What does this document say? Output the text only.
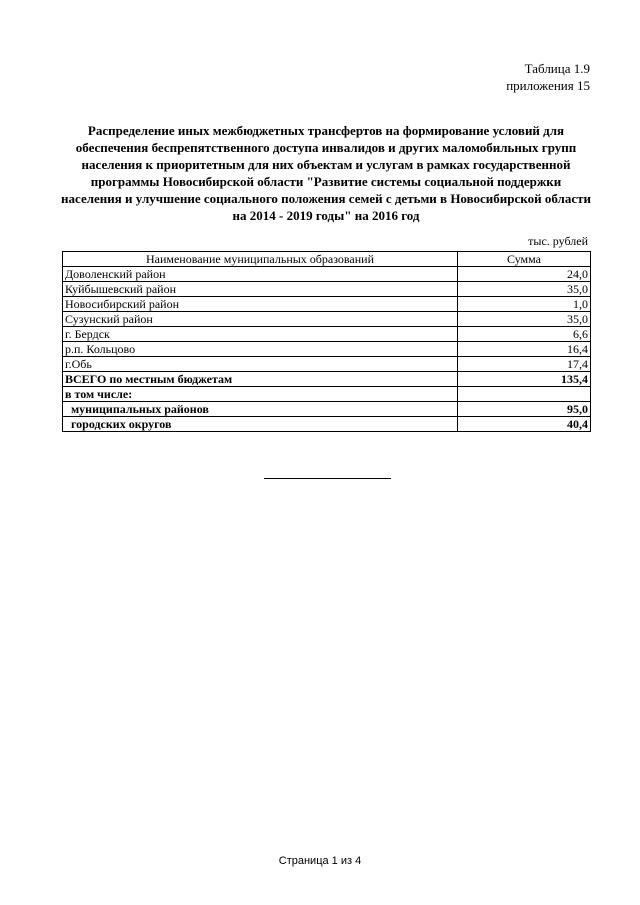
Таблица 1.9
приложения 15
Распределение иных межбюджетных трансфертов на формирование условий для обеспечения беспрепятственного доступа инвалидов и других маломобильных групп населения к приоритетным для них объектам и услугам в рамках государственной программы Новосибирской области "Развитие системы социальной поддержки населения и улучшение социального положения семей с детьми в Новосибирской области на 2014 - 2019 годы" на 2016 год
тыс. рублей
Наименование муниципальных образований	Сумма
Доволенский район	24,0
Куйбышевский район	35,0
Новосибирский район	1,0
Сузунский район	35,0
г. Бердск	6,6
р.п. Кольцово	16,4
г.Обь	17,4
ВСЕГО по местным бюджетам	135,4
в том числе:	
муниципальных районов	95,0
городских округов	40,4
Страница 1 из 4
